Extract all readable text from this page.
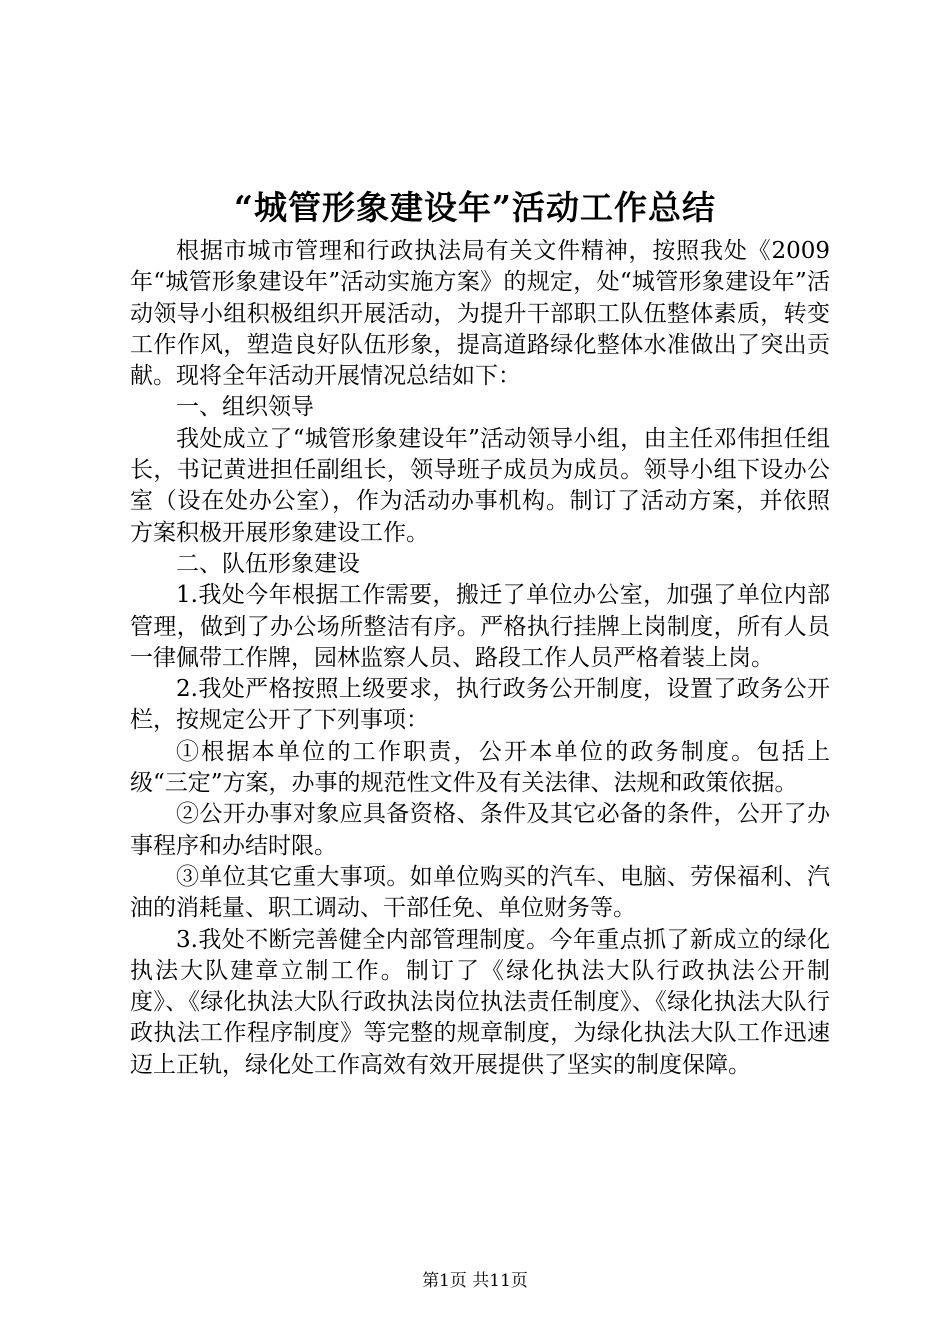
“城管形象建设年”活动工作总结

根据市城市管理和行政执法局有关文件精神，按照我处《2009年“城管形象建设年”活动实施方案》的规定，处“城管形象建设年”活动领导小组积极组织开展活动，为提升干部职工队伍整体素质，转变工作作风，塑造良好队伍形象，提高道路绿化整体水准做出了突出贡献。现将全年活动开展情况总结如下：

一、组织领导

我处成立了“城管形象建设年”活动领导小组，由主任邓伟担任组长，书记黄进担任副组长，领导班子成员为成员。领导小组下设办公室（设在处办公室），作为活动办事机构。制订了活动方案，并依照方案积极开展形象建设工作。

二、队伍形象建设

1.我处今年根据工作需要，搬迁了单位办公室，加强了单位内部管理，做到了办公场所整洁有序。严格执行挂牌上岗制度，所有人员一律佩带工作牌，园林监察人员、路段工作人员严格着装上岗。

2.我处严格按照上级要求，执行政务公开制度，设置了政务公开栏，按规定公开了下列事项：

①根据本单位的工作职责，公开本单位的政务制度。包括上级“三定”方案，办事的规范性文件及有关法律、法规和政策依据。

②公开办事对象应具备资格、条件及其它必备的条件，公开了办事程序和办结时限。

③单位其它重大事项。如单位购买的汽车、电脑、劳保福利、汽油的消耗量、职工调动、干部任免、单位财务等。

3.我处不断完善健全内部管理制度。今年重点抓了新成立的绿化执法大队建章立制工作。制订了《绿化执法大队行政执法公开制度》、《绿化执法大队行政执法岗位执法责任制度》、《绿化执法大队行政执法工作程序制度》等完整的规章制度，为绿化执法大队工作迅速迈上正轨，绿化处工作高效有效开展提供了坚实的制度保障。

第1页 共11页
